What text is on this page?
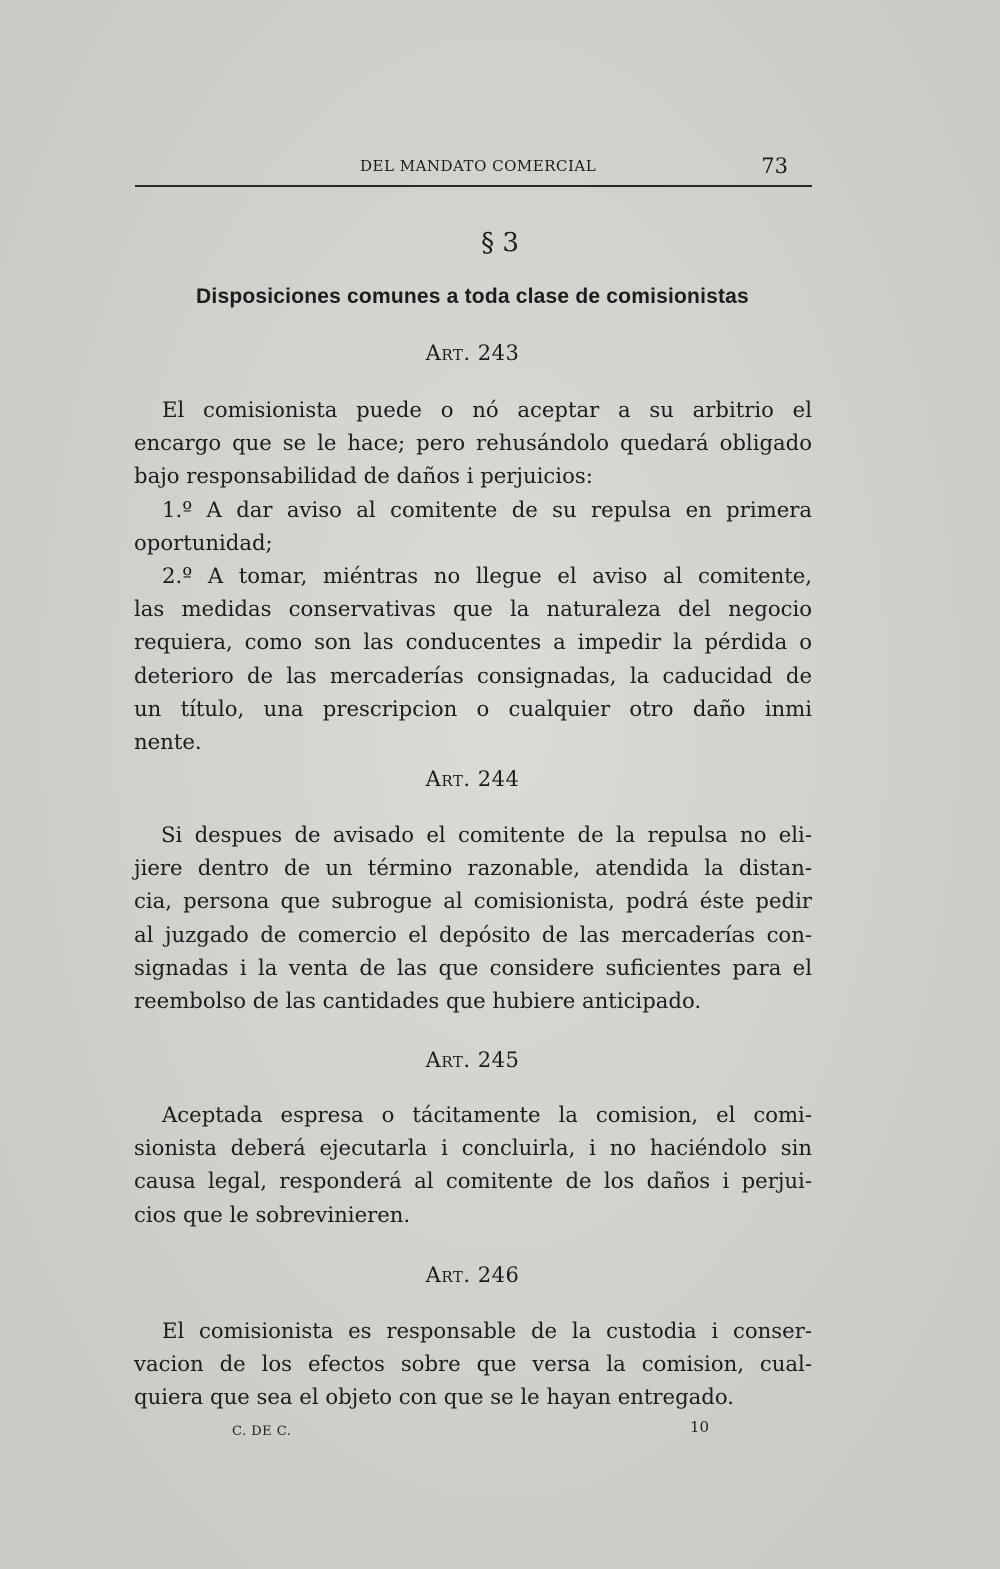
DEL MANDATO COMERCIAL	73
§ 3
Disposiciones comunes a toda clase de comisionistas
Art. 243
El comisionista puede o nó aceptar a su arbitrio el
encargo que se le hace; pero rehusándolo quedará obligado
bajo responsabilidad de daños i perjuicios:
1.º A dar aviso al comitente de su repulsa en primera
oportunidad;
2.º A tomar, miéntras no llegue el aviso al comitente,
las medidas conservativas que la naturaleza del negocio
requiera, como son las conducentes a impedir la pérdida o
deterioro de las mercaderías consignadas, la caducidad de
un título, una prescripcion o cualquier otro daño inmi
nente.
Art. 244
Si despues de avisado el comitente de la repulsa no eli-
jiere dentro de un término razonable, atendida la distan-
cia, persona que subrogue al comisionista, podrá éste pedir
al juzgado de comercio el depósito de las mercaderías con-
signadas i la venta de las que considere suficientes para el
reembolso de las cantidades que hubiere anticipado.
Art. 245
Aceptada espresa o tácitamente la comision, el comi-
sionista deberá ejecutarla i concluirla, i no haciéndolo sin
causa legal, responderá al comitente de los daños i perjui-
cios que le sobrevinieren.
Art. 246
El comisionista es responsable de la custodia i conser-
vacion de los efectos sobre que versa la comision, cual-
quiera que sea el objeto con que se le hayan entregado.
C. DE C.	10
